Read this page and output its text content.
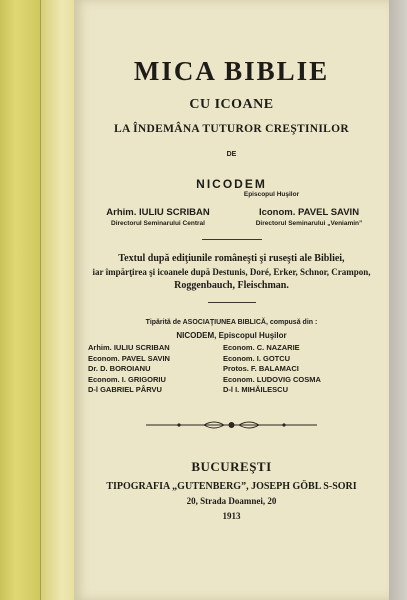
MICA BIBLIE
CU ICOANE
LA ÎNDEMÂNA TUTUROR CREŞTINILOR
DE
NICODEM
Episcopul Huşilor
Arhim. IULIU SCRIBAN
Directorul Seminarului Central
Iconom. PAVEL SAVIN
Directorul Seminarului „Veniamin”
Textul după ediţiunile româneşti şi ruseşti ale Bibliei,
iar împărţirea şi icoanele după Destunis, Doré, Erker, Schnor, Crampon,
Roggenbauch, Fleischman.
Tipărită de ASOCIAŢIUNEA BIBLICĂ, compusă din :
NICODEM, Episcopul Huşilor
Arhim. IULIU SCRIBAN	Econom. C. NAZARIE
Econom. PAVEL SAVIN	Econom. I. GOTCU
Dr. D. BOROIANU	Protos. F. BALAMACI
Econom. I. GRIGORIU	Econom. LUDOVIG COSMA
D-l GABRIEL PÂRVU	D-l I. MIHĂILESCU
BUCUREŞTI
TIPOGRAFIA „GUTENBERG”, JOSEPH GÖBL S-SORI
20, Strada Doamnei, 20
1913
